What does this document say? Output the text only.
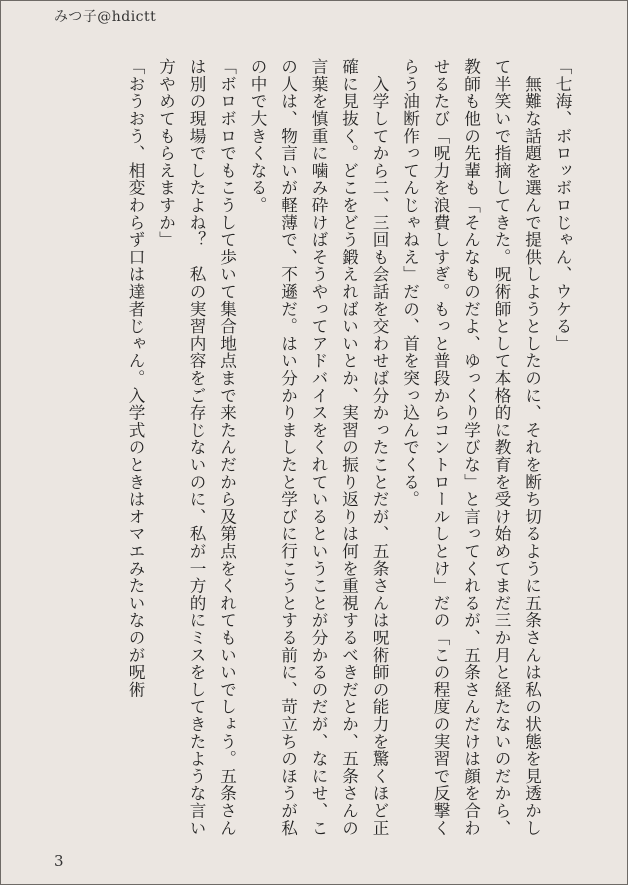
みつ子@hdictt

「七海、ボロッボロじゃん、ウケる」

　無難な話題を選んで提供しようとしたのに、それを断ち切るように五条さんは私の状態を見透かして半笑いで指摘してきた。呪術師として本格的に教育を受け始めてまだ三か月と経たないのだから、教師も他の先輩も「そんなものだよ、ゆっくり学びな」と言ってくれるが、五条さんだけは顔を合わせるたび「呪力を浪費しすぎ。もっと普段からコントロールしとけ」だの「この程度の実習で反撃くらう油断作ってんじゃねえ」だの、首を突っ込んでくる。

　入学してから二、三回も会話を交わせば分かったことだが、五条さんは呪術師の能力を驚くほど正確に見抜く。どこをどう鍛えればいいとか、実習の振り返りは何を重視するべきだとか、五条さんの言葉を慎重に噛み砕けばそうやってアドバイスをくれているということが分かるのだが、なにせ、この人は、物言いが軽薄で、不遜だ。はい分かりましたと学びに行こうとする前に、苛立ちのほうが私の中で大きくなる。

「ボロボロでもこうして歩いて集合地点まで来たんだから及第点をくれてもいいでしょう。五条さんは別の現場でしたよね？　私の実習内容をご存じないのに、私が一方的にミスをしてきたような言い方やめてもらえますか」

「おうおう、相変わらず口は達者じゃん。入学式のときはオマエみたいなのが呪術

3
